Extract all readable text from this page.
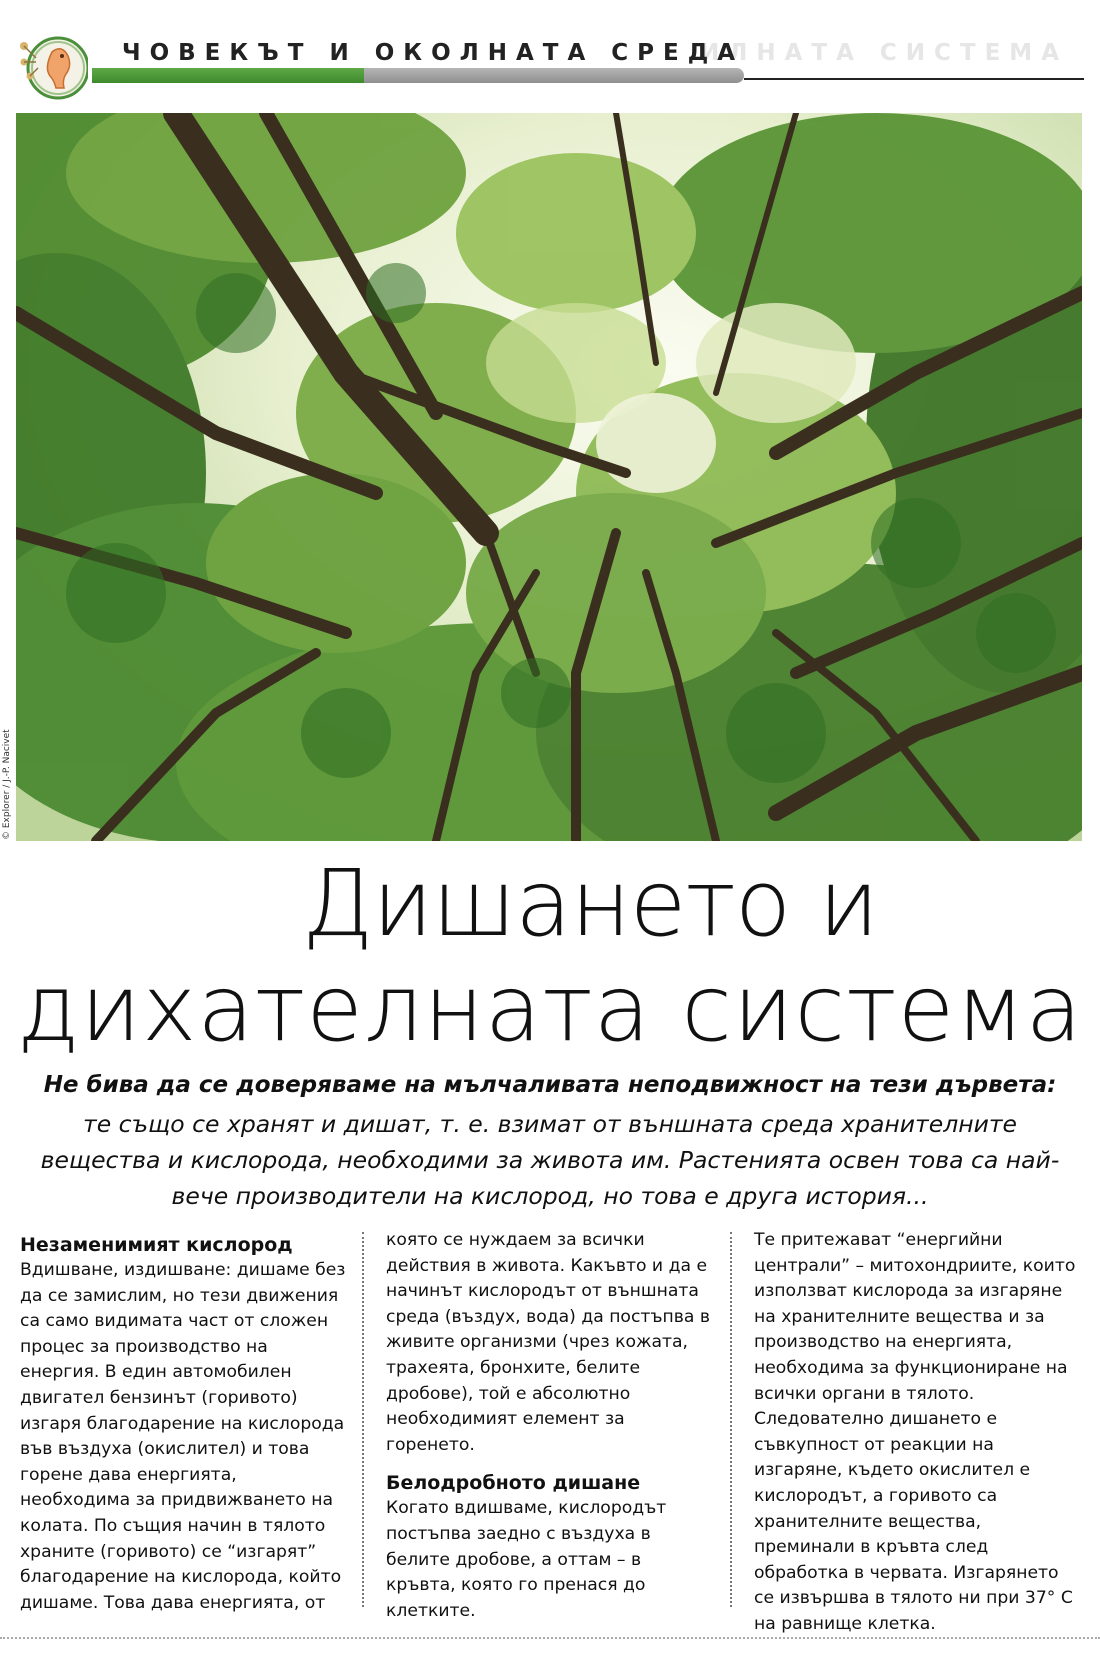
ИЛНАТА СИСТЕМА
ЧОВЕКЪТ И ОКОЛНАТА СРЕДА
© Explorer / J.-P. Nacivet
Дишането и
дихателната система
Не бива да се доверяваме на мълчаливата неподвижност на тези дървета:
те също се хранят и дишат, т. е. взимат от външната среда хранителните вещества и кислорода, необходими за живота им. Растенията освен това са най-вече производители на кислород, но това е друга история...
Незаменимият кислород

Вдишване, издишване: дишаме без да се замислим, но тези движения са само видимата част от сложен процес за производство на енергия. В един автомобилен двигател бензинът (горивото) изгаря благодарение на кислорода във въздуха (окислител) и това горене дава енергията, необходима за придвижването на колата. По същия начин в тялото храните (горивото) се “изгарят” благодарение на кислорода, който дишаме. Това дава енергията, от

която се нуждаем за всички действия в живота. Какъвто и да е начинът кислородът от външната среда (въздух, вода) да постъпва в живите организми (чрез кожата, трахеята, бронхите, белите дробове), той е абсолютно необходимият елемент за горенето.

Белодробното дишане

Когато вдишваме, кислородът постъпва заедно с въздуха в белите дробове, а оттам – в кръвта, която го пренася до клетките.

Те притежават “енергийни централи” – митохондриите, които използват кислорода за изгаряне на хранителните вещества и за производство на енергията, необходима за функциониране на всички органи в тялото. Следователно дишането е съвкупност от реакции на изгаряне, където окислител е кислородът, а горивото са хранителните вещества, преминали в кръвта след обработка в червата. Изгарянето се извършва в тялото ни при 37° C на равнище клетка.
